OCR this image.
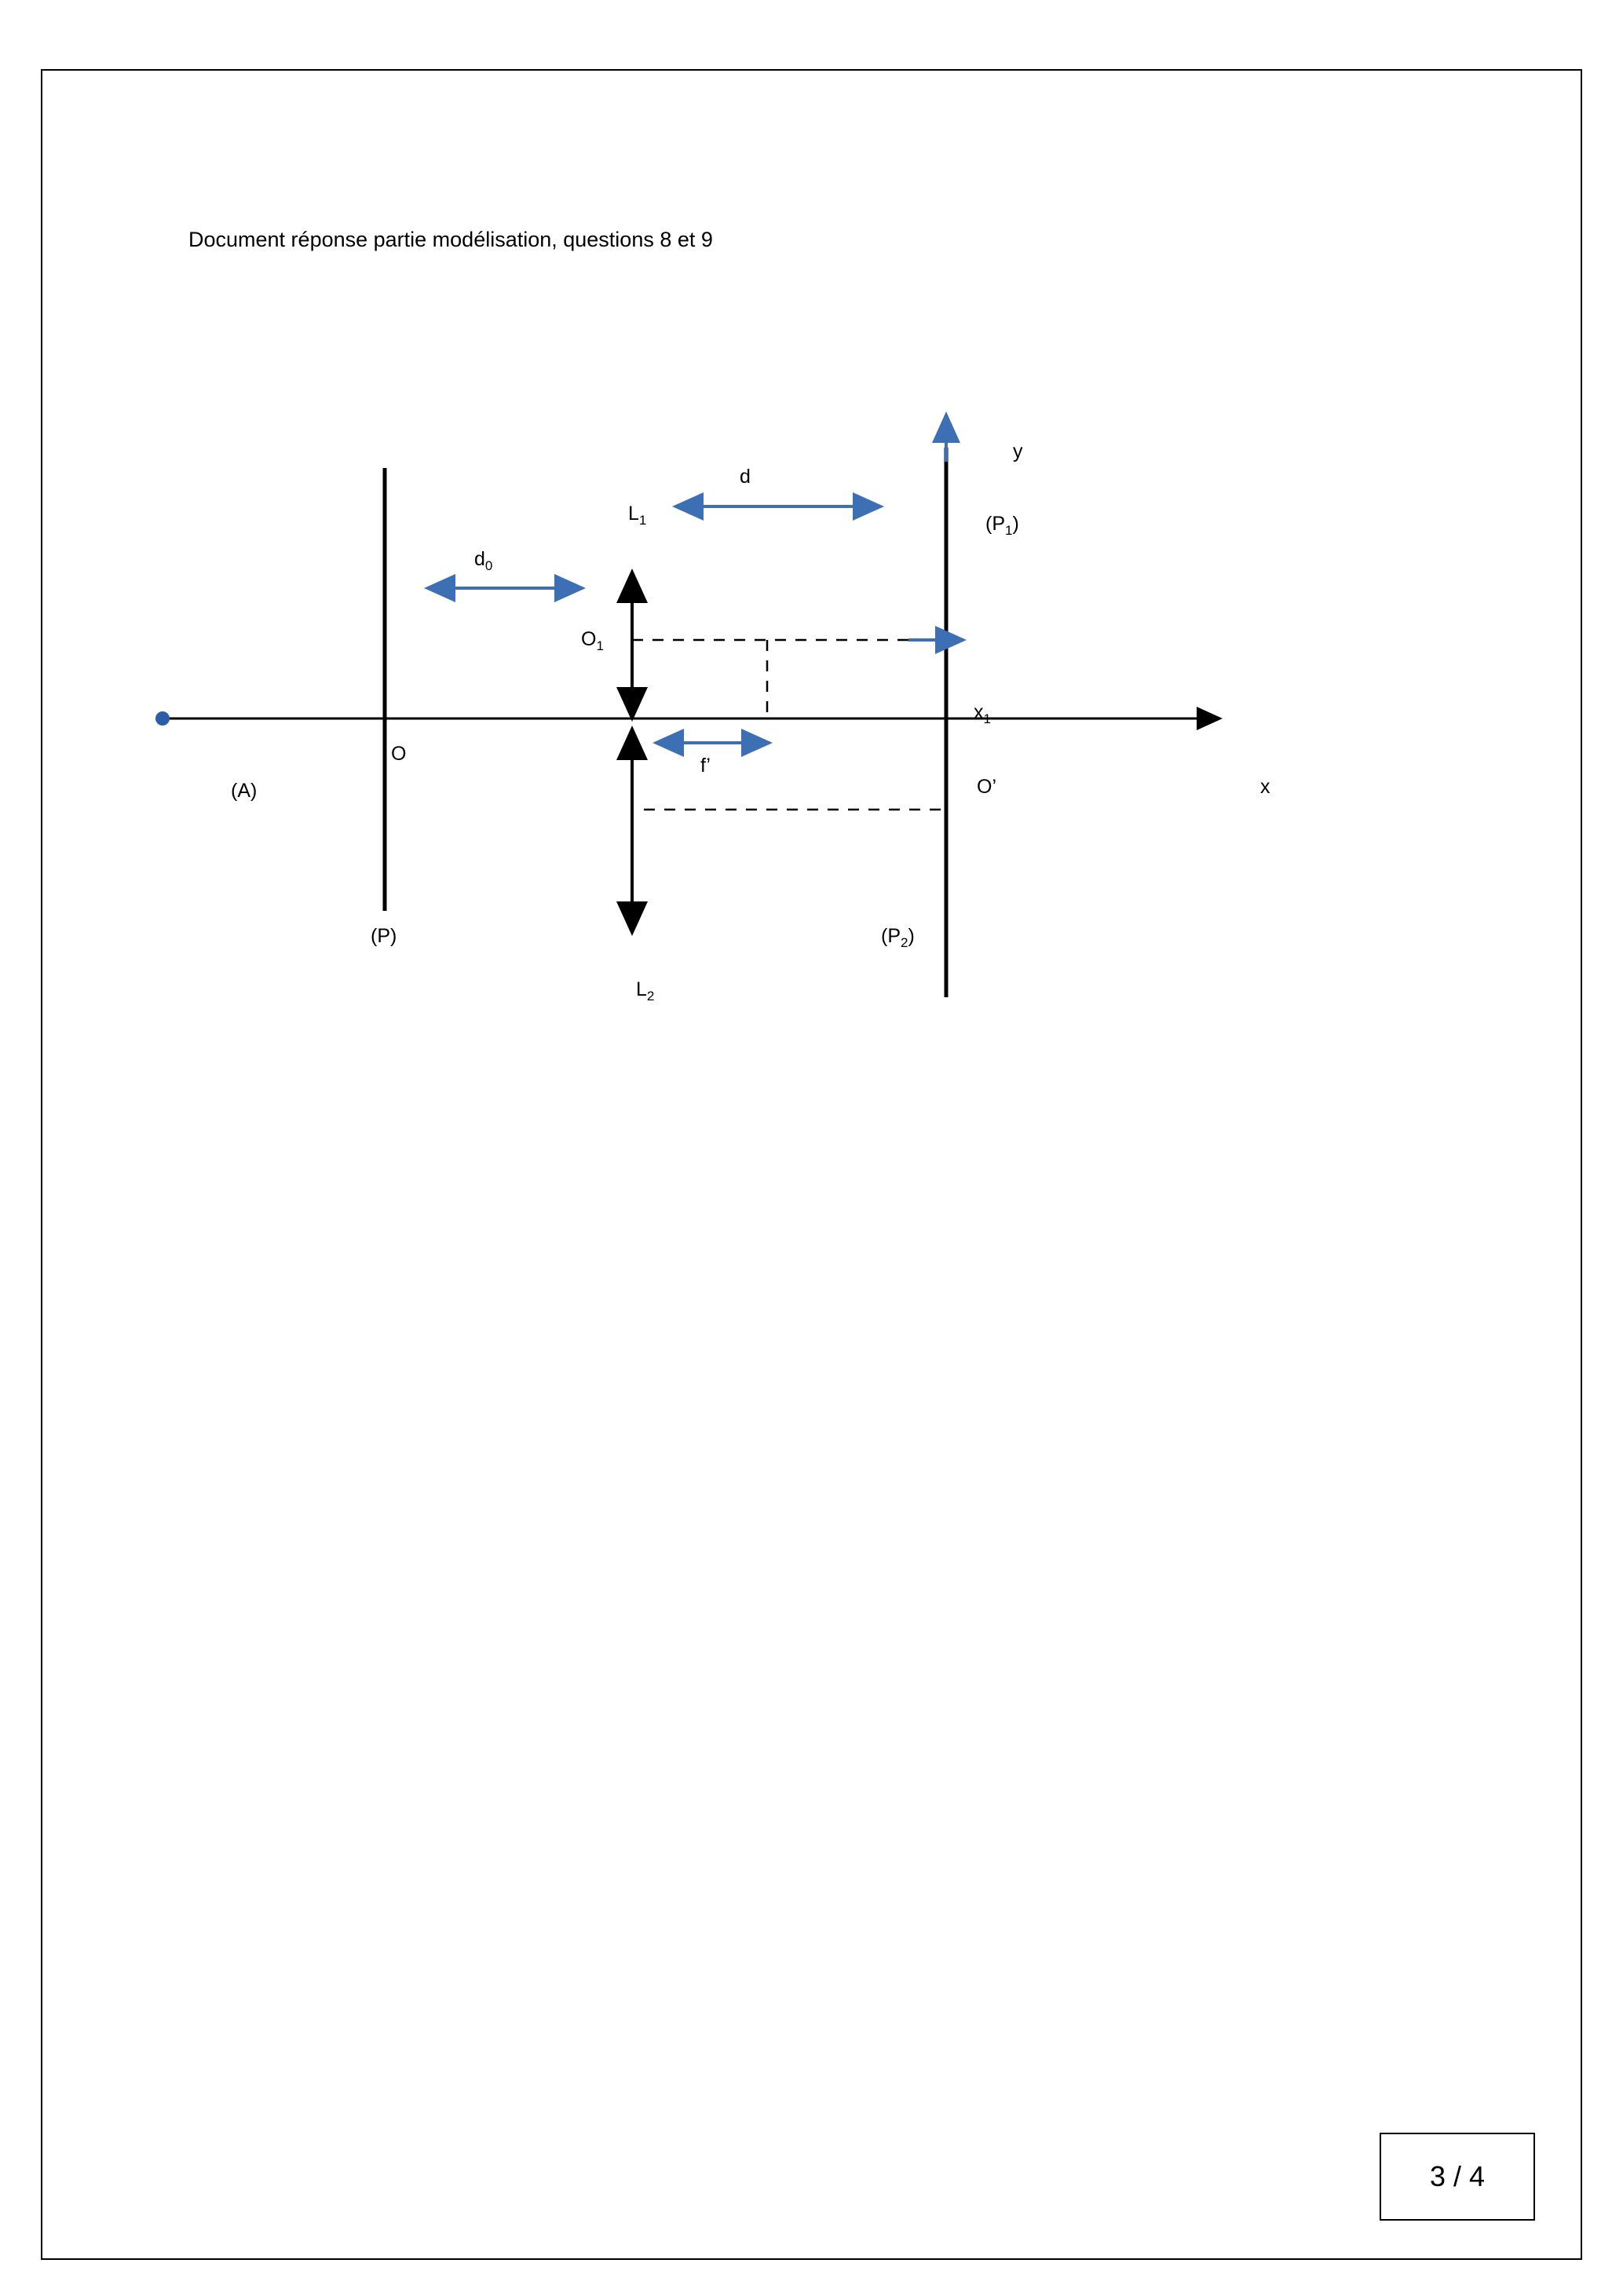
Document réponse partie modélisation, questions 8 et 9
x
y
$x_1$
O
O’
$O_1$
(A)
(P)
$(P_1)$
$(P_2)$
$L_1$
$L_2$
$d_0$
d
f’
3 / 4
